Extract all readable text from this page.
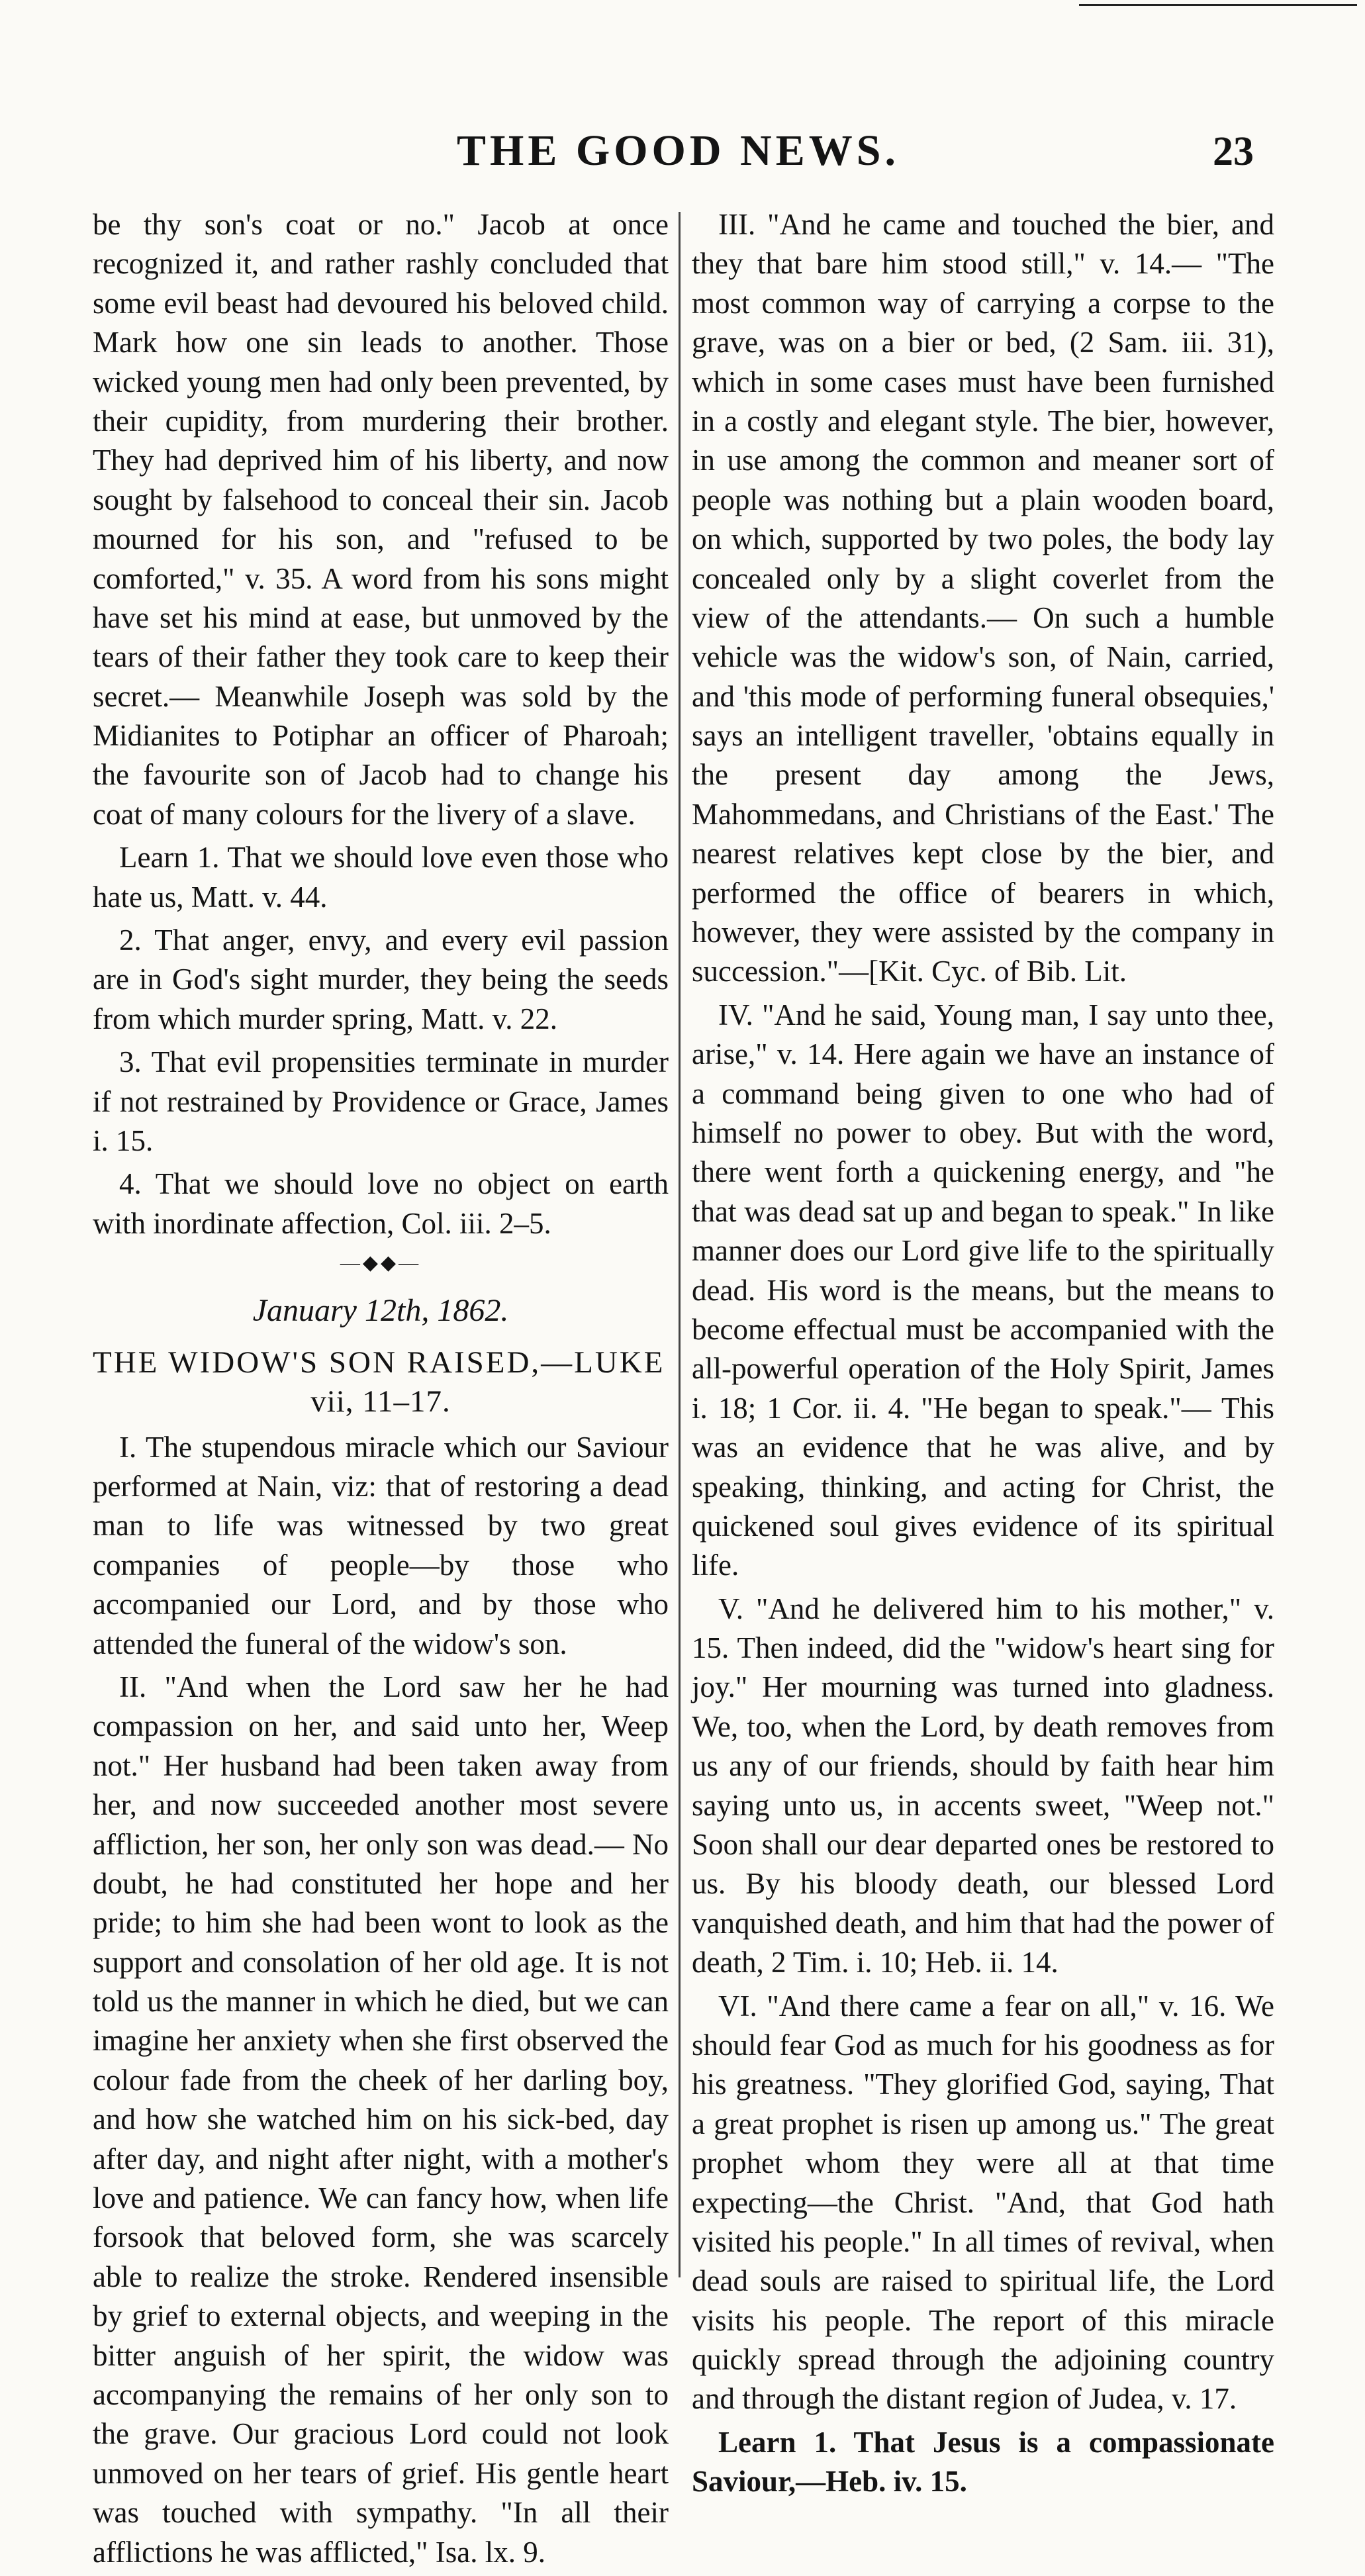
THE GOOD NEWS.	23

be thy son's coat or no." Jacob at once recognized it, and rather rashly concluded that some evil beast had devoured his beloved child. Mark how one sin leads to another. Those wicked young men had only been prevented, by their cupidity, from murdering their brother. They had deprived him of his liberty, and now sought by falsehood to conceal their sin. Jacob mourned for his son, and "refused to be comforted," v. 35. A word from his sons might have set his mind at ease, but unmoved by the tears of their father they took care to keep their secret.— Meanwhile Joseph was sold by the Midianites to Potiphar an officer of Pharoah; the favourite son of Jacob had to change his coat of many colours for the livery of a slave.

Learn 1. That we should love even those who hate us, Matt. v. 44.

2. That anger, envy, and every evil passion are in God's sight murder, they being the seeds from which murder spring, Matt. v. 22.

3. That evil propensities terminate in murder if not restrained by Providence or Grace, James i. 15.

4. That we should love no object on earth with inordinate affection, Col. iii. 2–5.

—◆◆—
January 12th, 1862.
THE WIDOW'S SON RAISED,—LUKE
vii, 11–17.

I. The stupendous miracle which our Saviour performed at Nain, viz: that of restoring a dead man to life was witnessed by two great companies of people—by those who accompanied our Lord, and by those who attended the funeral of the widow's son.

II. "And when the Lord saw her he had compassion on her, and said unto her, Weep not." Her husband had been taken away from her, and now succeeded another most severe affliction, her son, her only son was dead.— No doubt, he had constituted her hope and her pride; to him she had been wont to look as the support and consolation of her old age. It is not told us the manner in which he died, but we can imagine her anxiety when she first observed the colour fade from the cheek of her darling boy, and how she watched him on his sick-bed, day after day, and night after night, with a mother's love and patience. We can fancy how, when life forsook that beloved form, she was scarcely able to realize the stroke. Rendered insensible by grief to external objects, and weeping in the bitter anguish of her spirit, the widow was accompanying the remains of her only son to the grave. Our gracious Lord could not look unmoved on her tears of grief. His gentle heart was touched with sympathy. "In all their afflictions he was afflicted," Isa. lx. 9.

III. "And he came and touched the bier, and they that bare him stood still," v. 14.— "The most common way of carrying a corpse to the grave, was on a bier or bed, (2 Sam. iii. 31), which in some cases must have been furnished in a costly and elegant style. The bier, however, in use among the common and meaner sort of people was nothing but a plain wooden board, on which, supported by two poles, the body lay concealed only by a slight coverlet from the view of the attendants.— On such a humble vehicle was the widow's son, of Nain, carried, and 'this mode of performing funeral obsequies,' says an intelligent traveller, 'obtains equally in the present day among the Jews, Mahommedans, and Christians of the East.' The nearest relatives kept close by the bier, and performed the office of bearers in which, however, they were assisted by the company in succession."—[Kit. Cyc. of Bib. Lit.

IV. "And he said, Young man, I say unto thee, arise," v. 14. Here again we have an instance of a command being given to one who had of himself no power to obey. But with the word, there went forth a quickening energy, and "he that was dead sat up and began to speak." In like manner does our Lord give life to the spiritually dead. His word is the means, but the means to become effectual must be accompanied with the all-powerful operation of the Holy Spirit, James i. 18; 1 Cor. ii. 4. "He began to speak."— This was an evidence that he was alive, and by speaking, thinking, and acting for Christ, the quickened soul gives evidence of its spiritual life.

V. "And he delivered him to his mother," v. 15. Then indeed, did the "widow's heart sing for joy." Her mourning was turned into gladness. We, too, when the Lord, by death removes from us any of our friends, should by faith hear him saying unto us, in accents sweet, "Weep not." Soon shall our dear departed ones be restored to us. By his bloody death, our blessed Lord vanquished death, and him that had the power of death, 2 Tim. i. 10; Heb. ii. 14.

VI. "And there came a fear on all," v. 16. We should fear God as much for his goodness as for his greatness. "They glorified God, saying, That a great prophet is risen up among us." The great prophet whom they were all at that time expecting—the Christ. "And, that God hath visited his people." In all times of revival, when dead souls are raised to spiritual life, the Lord visits his people. The report of this miracle quickly spread through the adjoining country and through the distant region of Judea, v. 17.

Learn 1. That Jesus is a compassionate Saviour,—Heb. iv. 15.
